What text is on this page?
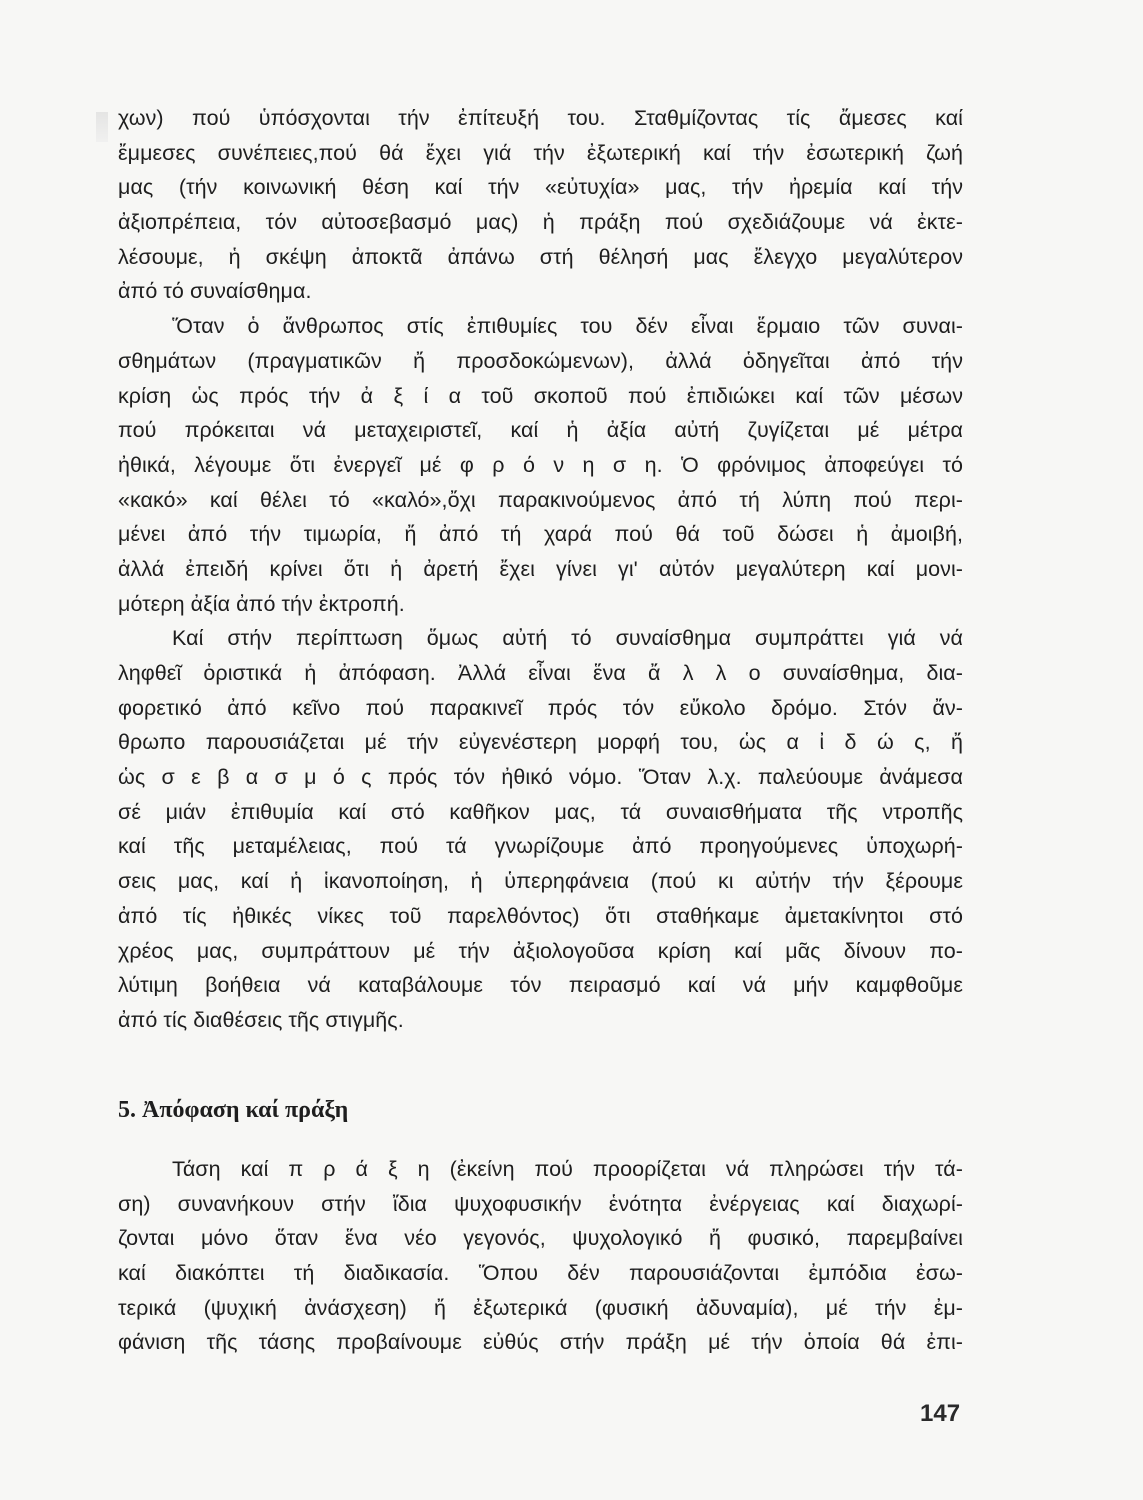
χων) πού ὑπόσχονται τήν ἐπίτευξή του. Σταθμίζοντας τίς ἄμεσες καί
ἔμμεσες συνέπειες,πού θά ἔχει γιά τήν ἐξωτερική καί τήν ἐσωτερική ζωή
μας (τήν κοινωνική θέση καί τήν «εὐτυχία» μας, τήν ἠρεμία καί τήν
ἀξιοπρέπεια, τόν αὐτοσεβασμό μας) ἡ πράξη πού σχεδιάζουμε νά ἐκτε-
λέσουμε, ἡ σκέψη ἀποκτᾶ ἀπάνω στή θέλησή μας ἔλεγχο μεγαλύτερον
ἀπό τό συναίσθημα.
Ὅταν ὁ ἄνθρωπος στίς ἐπιθυμίες του δέν εἶναι ἕρμαιο τῶν συναι-
σθημάτων (πραγματικῶν ἤ προσδοκώμενων), ἀλλά ὁδηγεῖται ἀπό τήν
κρίση ὡς πρός τήν ἀ ξ ί α τοῦ σκοποῦ πού ἐπιδιώκει καί τῶν μέσων
πού πρόκειται νά μεταχειριστεῖ, καί ἡ ἀξία αὐτή ζυγίζεται μέ μέτρα
ἠθικά, λέγουμε ὅτι ἐνεργεῖ μέ φ ρ ό ν η σ η. Ὁ φρόνιμος ἀποφεύγει τό
«κακό» καί θέλει τό «καλό»,ὄχι παρακινούμενος ἀπό τή λύπη πού περι-
μένει ἀπό τήν τιμωρία, ἤ ἀπό τή χαρά πού θά τοῦ δώσει ἡ ἀμοιβή,
ἀλλά ἐπειδή κρίνει ὅτι ἡ ἀρετή ἔχει γίνει γι' αὐτόν μεγαλύτερη καί μονι-
μότερη ἀξία ἀπό τήν ἐκτροπή.
Καί στήν περίπτωση ὅμως αὐτή τό συναίσθημα συμπράττει γιά νά
ληφθεῖ ὁριστικά ἡ ἀπόφαση. Ἀλλά εἶναι ἕνα ἄ λ λ ο συναίσθημα, δια-
φορετικό ἀπό κεῖνο πού παρακινεῖ πρός τόν εὔκολο δρόμο. Στόν ἄν-
θρωπο παρουσιάζεται μέ τήν εὐγενέστερη μορφή του, ὡς α ἰ δ ώ ς, ἤ
ὡς σ ε β α σ μ ό ς πρός τόν ἠθικό νόμο. Ὅταν λ.χ. παλεύουμε ἀνάμεσα
σέ μιάν ἐπιθυμία καί στό καθῆκον μας, τά συναισθήματα τῆς ντροπῆς
καί τῆς μεταμέλειας, πού τά γνωρίζουμε ἀπό προηγούμενες ὑποχωρή-
σεις μας, καί ἡ ἱκανοποίηση, ἡ ὑπερηφάνεια (πού κι αὐτήν τήν ξέρουμε
ἀπό τίς ἠθικές νίκες τοῦ παρελθόντος) ὅτι σταθήκαμε ἀμετακίνητοι στό
χρέος μας, συμπράττουν μέ τήν ἀξιολογοῦσα κρίση καί μᾶς δίνουν πο-
λύτιμη βοήθεια νά καταβάλουμε τόν πειρασμό καί νά μήν καμφθοῦμε
ἀπό τίς διαθέσεις τῆς στιγμῆς.
5. Ἀπόφαση καί πράξη
Τάση καί π ρ ά ξ η (ἐκείνη πού προορίζεται νά πληρώσει τήν τά-
ση) συνανήκουν στήν ἴδια ψυχοφυσικήν ἑνότητα ἐνέργειας καί διαχωρί-
ζονται μόνο ὅταν ἕνα νέο γεγονός, ψυχολογικό ἤ φυσικό, παρεμβαίνει
καί διακόπτει τή διαδικασία. Ὅπου δέν παρουσιάζονται ἐμπόδια ἐσω-
τερικά (ψυχική ἀνάσχεση) ἤ ἐξωτερικά (φυσική ἀδυναμία), μέ τήν ἐμ-
φάνιση τῆς τάσης προβαίνουμε εὐθύς στήν πράξη μέ τήν ὁποία θά ἐπι-
147
